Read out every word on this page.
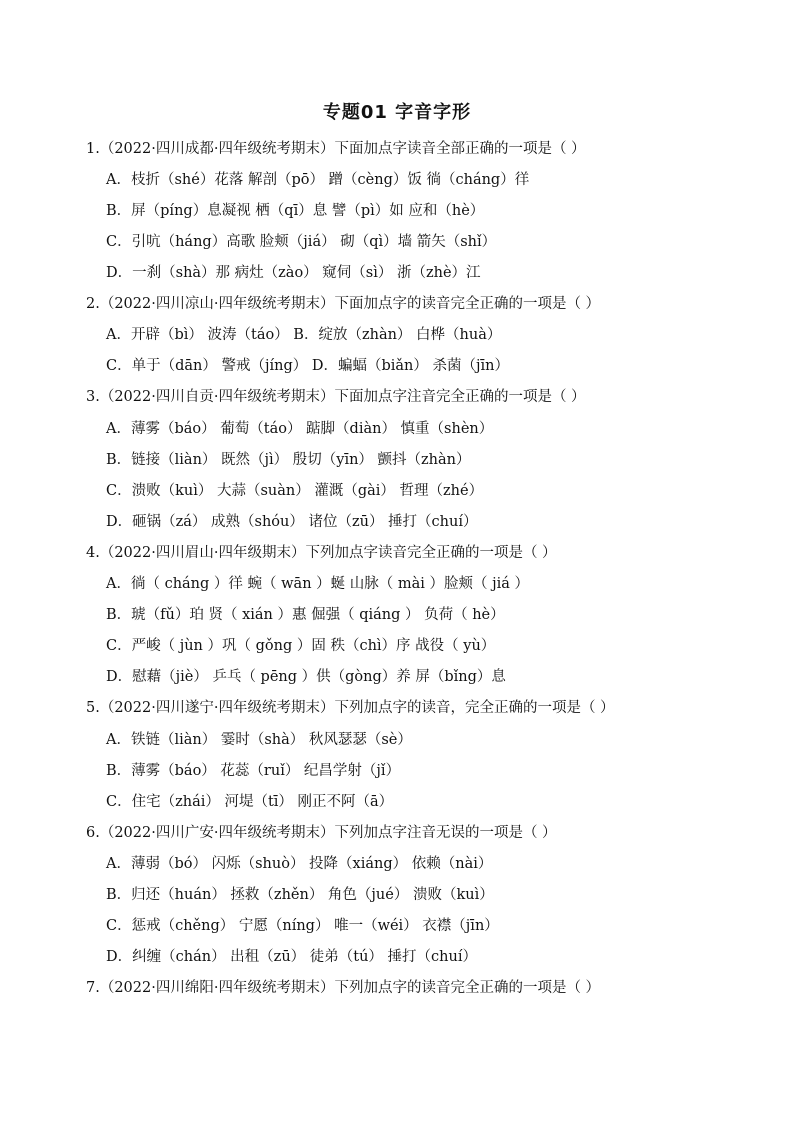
专题01 字音字形
1.（2022·四川成都·四年级统考期末）下面加点字读音全部正确的一项是（ ）
A．枝折（shé）花落 解剖（pō） 蹭（cèng）饭 徜（cháng）徉
B．屏（píng）息凝视 栖（qī）息 譬（pì）如 应和（hè）
C．引吭（háng）高歌 脸颊（jiá） 砌（qì）墙 箭矢（shǐ）
D．一刹（shà）那 病灶（zào） 窥伺（sì） 浙（zhè）江
2.（2022·四川凉山·四年级统考期末）下面加点字的读音完全正确的一项是（ ）
A．开辟（bì） 波涛（táo） B．绽放（zhàn） 白桦（huà）
C．单于（dān） 警戒（jíng） D．蝙蝠（biǎn） 杀菌（jīn）
3.（2022·四川自贡·四年级统考期末）下面加点字注音完全正确的一项是（ ）
A．薄雾（báo） 葡萄（táo） 踮脚（diàn） 慎重（shèn）
B．链接（liàn） 既然（jì） 殷切（yīn） 颤抖（zhàn）
C．溃败（kuì） 大蒜（suàn） 灌溉（gài） 哲理（zhé）
D．砸锅（zá） 成熟（shóu） 诸位（zū） 捶打（chuí）
4.（2022·四川眉山·四年级期末）下列加点字读音完全正确的一项是（ ）
A．徜（ cháng ）徉 蜿（ wān ）蜒 山脉（ mài ）脸颊（ jiá ）
B．琥（fǔ）珀 贤（ xián ）惠 倔强（ qiáng ） 负荷（ hè）
C．严峻（ jùn ）巩（ gǒng ）固 秩（chì）序 战役（ yù）
D．慰藉（jiè） 乒乓（ pēng ）供（gòng）养 屏（bǐng）息
5.（2022·四川遂宁·四年级统考期末）下列加点字的读音，完全正确的一项是（ ）
A．铁链（liàn） 霎时（shà） 秋风瑟瑟（sè）
B．薄雾（báo） 花蕊（ruǐ） 纪昌学射（jǐ）
C．住宅（zhái） 河堤（tī） 刚正不阿（ā）
6.（2022·四川广安·四年级统考期末）下列加点字注音无误的一项是（ ）
A．薄弱（bó） 闪烁（shuò） 投降（xiáng） 依赖（nài）
B．归还（huán） 拯救（zhěn） 角色（jué） 溃败（kuì）
C．惩戒（chěng） 宁愿（níng） 唯一（wéi） 衣襟（jīn）
D．纠缠（chán） 出租（zū） 徒弟（tú） 捶打（chuí）
7.（2022·四川绵阳·四年级统考期末）下列加点字的读音完全正确的一项是（ ）
